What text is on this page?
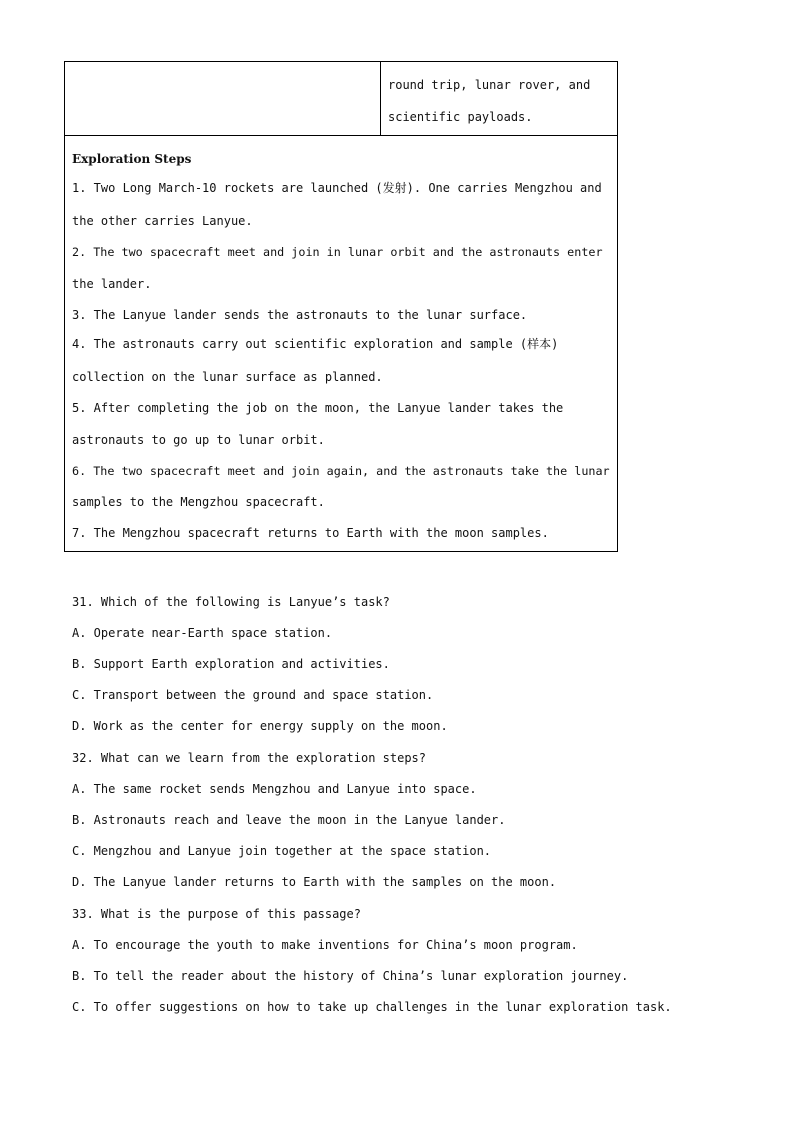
round trip, lunar rover, and
scientific payloads.
Exploration Steps
1. Two Long March-10 rockets are launched (发射). One carries Mengzhou and
the other carries Lanyue.
2. The two spacecraft meet and join in lunar orbit and the astronauts enter
the lander.
3. The Lanyue lander sends the astronauts to the lunar surface.
4. The astronauts carry out scientific exploration and sample (样本)
collection on the lunar surface as planned.
5. After completing the job on the moon, the Lanyue lander takes the
astronauts to go up to lunar orbit.
6. The two spacecraft meet and join again, and the astronauts take the lunar
samples to the Mengzhou spacecraft.
7. The Mengzhou spacecraft returns to Earth with the moon samples.
31. Which of the following is Lanyue’s task?
A. Operate near-Earth space station.
B. Support Earth exploration and activities.
C. Transport between the ground and space station.
D. Work as the center for energy supply on the moon.
32. What can we learn from the exploration steps?
A. The same rocket sends Mengzhou and Lanyue into space.
B. Astronauts reach and leave the moon in the Lanyue lander.
C. Mengzhou and Lanyue join together at the space station.
D. The Lanyue lander returns to Earth with the samples on the moon.
33. What is the purpose of this passage?
A. To encourage the youth to make inventions for China’s moon program.
B. To tell the reader about the history of China’s lunar exploration journey.
C. To offer suggestions on how to take up challenges in the lunar exploration task.
